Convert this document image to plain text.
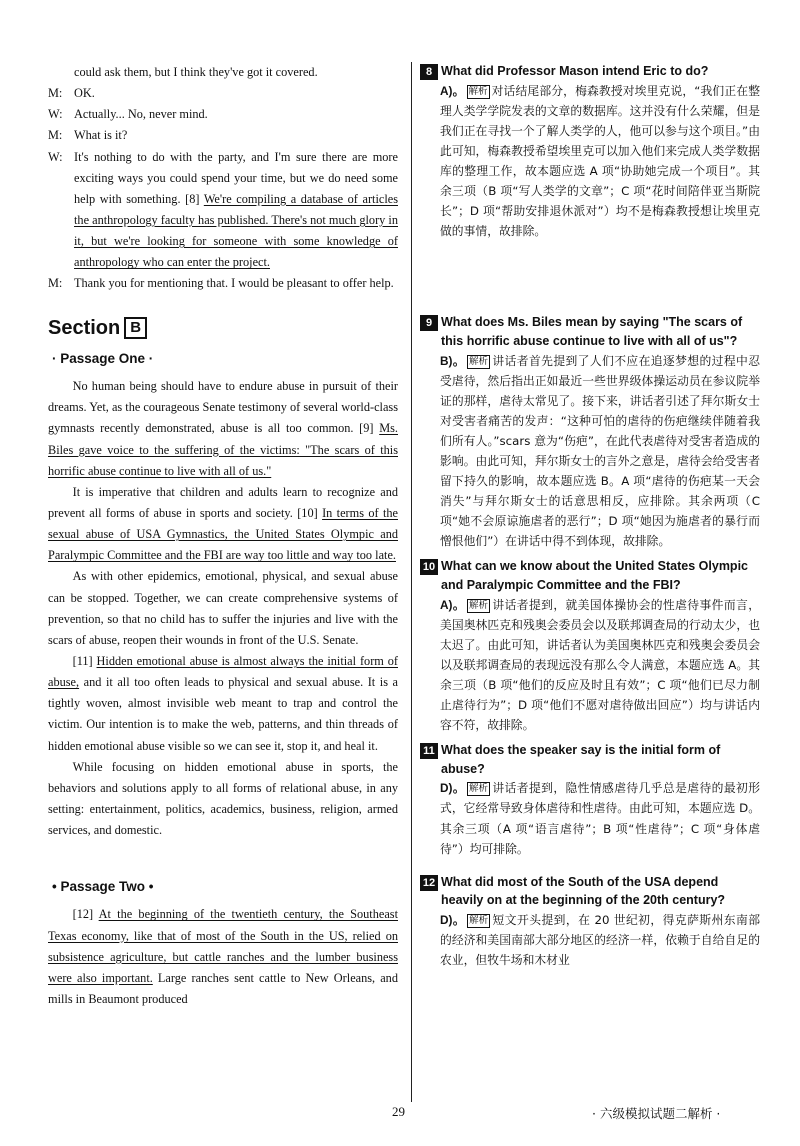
could ask them, but I think they've got it covered.
M: OK.
W: Actually... No, never mind.
M: What is it?
W: It's nothing to do with the party, and I'm sure there are more exciting ways you could spend your time, but we do need some help with something. [8] We're compiling a database of articles the anthropology faculty has published. There's not much glory in it, but we're looking for someone with some knowledge of anthropology who can enter the project.
M: Thank you for mentioning that. I would be pleasant to offer help.
Section B
· Passage One ·

No human being should have to endure abuse in pursuit of their dreams. Yet, as the courageous Senate testimony of several world-class gymnasts recently demonstrated, abuse is all too common. [9] Ms. Biles gave voice to the suffering of the victims: "The scars of this horrific abuse continue to live with all of us."

It is imperative that children and adults learn to recognize and prevent all forms of abuse in sports and society. [10] In terms of the sexual abuse of USA Gymnastics, the United States Olympic and Paralympic Committee and the FBI are way too little and way too late.

As with other epidemics, emotional, physical, and sexual abuse can be stopped. Together, we can create comprehensive systems of prevention, so that no child has to suffer the injuries and live with the scars of abuse, reopen their wounds in front of the U.S. Senate.

[11] Hidden emotional abuse is almost always the initial form of abuse, and it all too often leads to physical and sexual abuse. It is a tightly woven, almost invisible web meant to trap and control the victim. Our intention is to make the web, patterns, and thin threads of hidden emotional abuse visible so we can see it, stop it, and heal it.

While focusing on hidden emotional abuse in sports, the behaviors and solutions apply to all forms of relational abuse, in any setting: entertainment, politics, academics, business, religion, armed services, and domestic.

• Passage Two •

[12] At the beginning of the twentieth century, the Southeast Texas economy, like that of most of the South in the US, relied on subsistence agriculture, but cattle ranches and the lumber business were also important. Large ranches sent cattle to New Orleans, and mills in Beaumont produced

8 What did Professor Mason intend Eric to do?
A)。 解析 对话结尾部分，梅森教授对埃里克说，“我们正在整理人类学学院发表的文章的数据库。这并没有什么荣耀，但是我们正在寻找一个了解人类学的人，他可以参与这个项目。”由此可知，梅森教授希望埃里克可以加入他们来完成人类学数据库的整理工作，故本题应选 A 项“协助她完成一个项目”。其余三项（B 项“写人类学的文章”；C 项“花时间陪伴亚当斯院长”；D 项“帮助安排退休派对”）均不是梅森教授想让埃里克做的事情，故排除。
9 What does Ms. Biles mean by saying "The scars of this horrific abuse continue to live with all of us"?
B)。 解析 讲话者首先提到了人们不应在追逐梦想的过程中忍受虐待，然后指出正如最近一些世界级体操运动员在参议院举证的那样，虐待太常见了。接下来，讲话者引述了拜尔斯女士对受害者痛苦的发声：“这种可怕的虐待的伤疤继续伴随着我们所有人。”scars 意为“伤疤”，在此代表虐待对受害者造成的影响。由此可知，拜尔斯女士的言外之意是，虐待会给受害者留下持久的影响，故本题应选 B。A 项“虐待的伤疤某一天会消失”与拜尔斯女士的话意思相反，应排除。其余两项（C 项“她不会原谅施虐者的恶行”；D 项“她因为施虐者的暴行而憎恨他们”）在讲话中得不到体现，故排除。
10 What can we know about the United States Olympic and Paralympic Committee and the FBI?
A)。 解析 讲话者提到，就美国体操协会的性虐待事件而言，美国奥林匹克和残奥会委员会以及联邦调查局的行动太少，也太迟了。由此可知，讲话者认为美国奥林匹克和残奥会委员会以及联邦调查局的表现远没有那么令人满意，本题应选 A。其余三项（B 项“他们的反应及时且有效”；C 项“他们已尽力制止虐待行为”；D 项“他们不愿对虐待做出回应”）均与讲话内容不符，故排除。
11 What does the speaker say is the initial form of abuse?
D)。 解析 讲话者提到，隐性情感虐待几乎总是虐待的最初形式，它经常导致身体虐待和性虐待。由此可知，本题应选 D。其余三项（A 项“语言虐待”；B 项“性虐待”；C 项“身体虐待”）均可排除。
12 What did most of the South of the USA depend heavily on at the beginning of the 20th century?
D)。 解析 短文开头提到，在 20 世纪初，得克萨斯州东南部的经济和美国南部大部分地区的经济一样，依赖于自给自足的农业，但牧牛场和木材业
29	· 六级模拟试题二解析 ·
